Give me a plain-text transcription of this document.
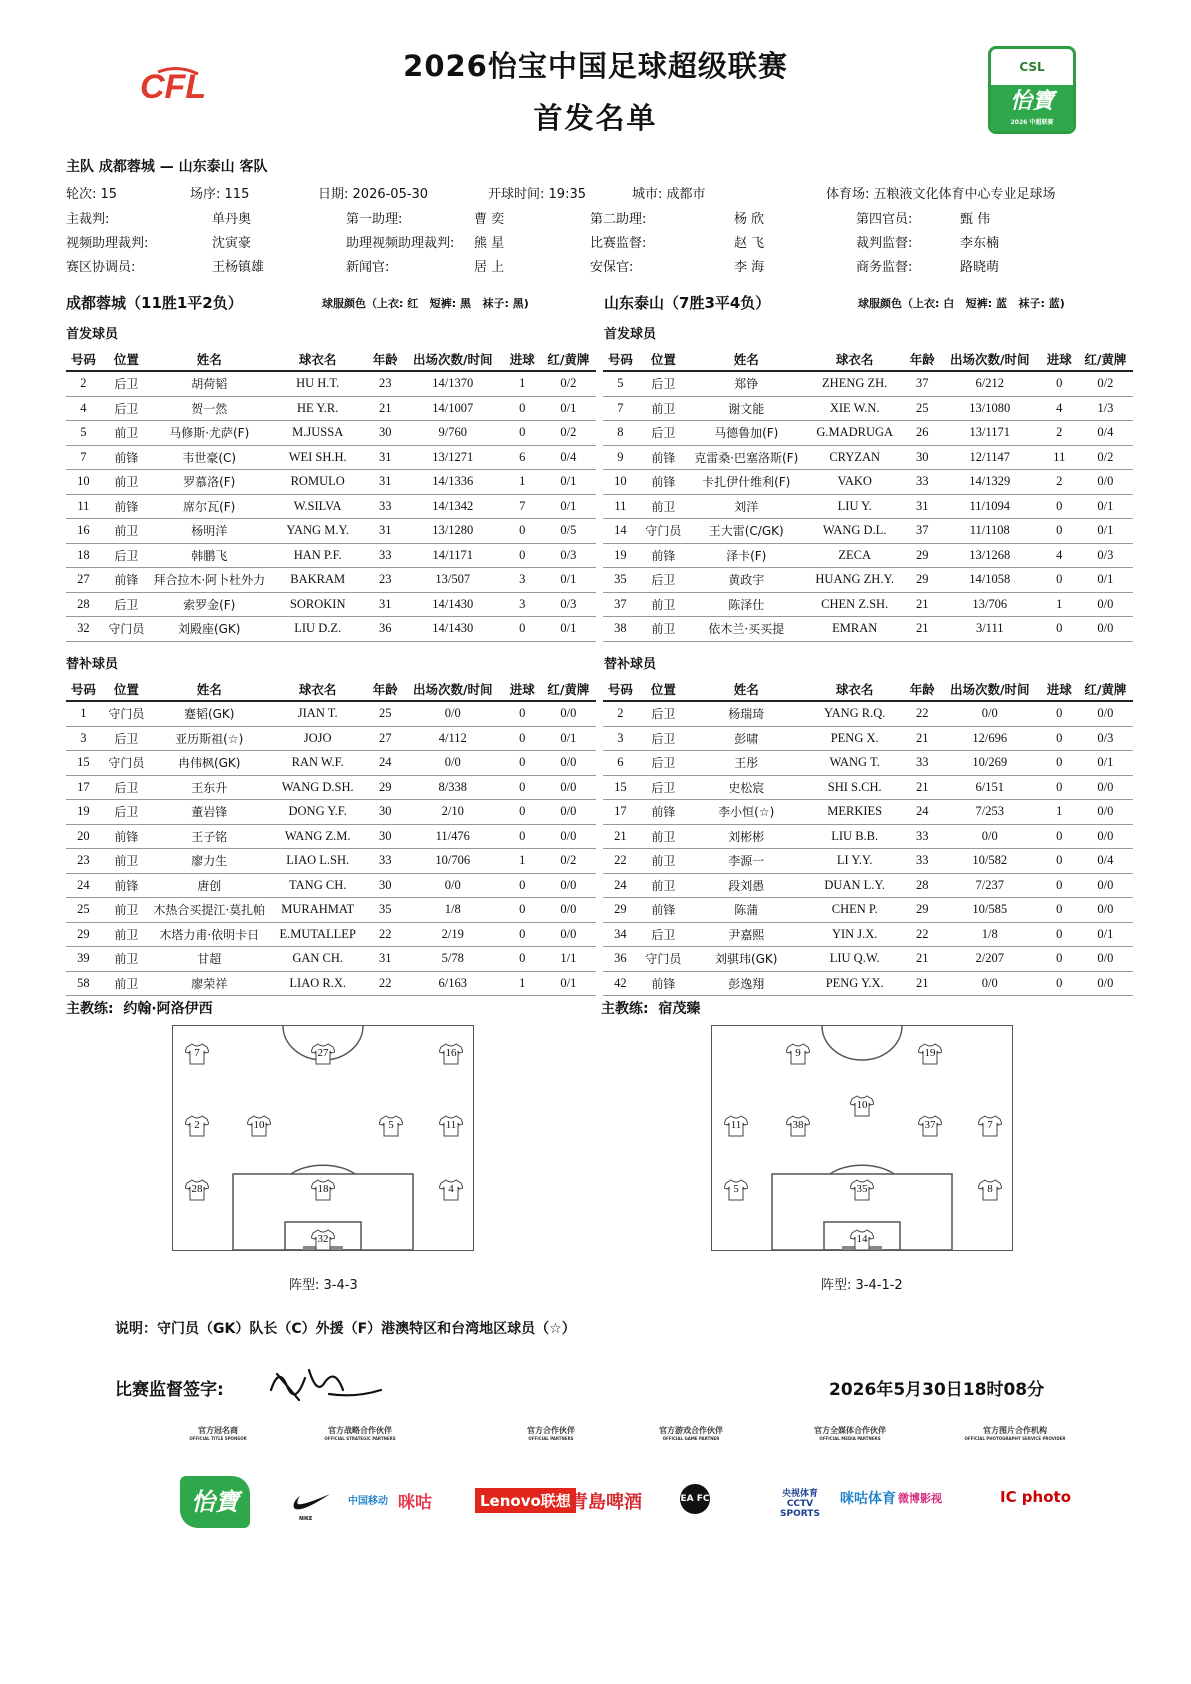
CFL
2026怡宝中国足球超级联赛
首发名单
CSL
怡寶
2026 中超联赛
主队 成都蓉城 — 山东泰山 客队
轮次: 15	场序: 115	日期: 2026-05-30	开球时间: 19:35	城市: 成都市	体育场: 五粮液文化体育中心专业足球场
主裁判:	单丹奥	第一助理:	曹 奕	第二助理:	杨 欣	第四官员:	甄 伟
视频助理裁判:	沈寅豪	助理视频助理裁判: 熊 星	比赛监督:	赵 飞	裁判监督:	李东楠
赛区协调员:	王杨镇雄	新闻官:	居 上	安保官:	李 海	商务监督:	路晓萌
成都蓉城（11胜1平2负）	球服颜色（上衣: 红 短裤: 黑 袜子: 黑)	山东泰山（7胜3平4负）	球服颜色（上衣: 白 短裤: 蓝 袜子: 蓝)
首发球员	首发球员
替补球员	替补球员
号码	位置	姓名	球衣名	年龄	出场次数/时间	进球	红/黄牌
2	后卫	胡荷韬	HU H.T.	23	14/1370	1	0/2
4	后卫	贺一然	HE Y.R.	21	14/1007	0	0/1
5	前卫	马修斯·尤萨(F)	M.JUSSA	30	9/760	0	0/2
7	前锋	韦世豪(C)	WEI SH.H.	31	13/1271	6	0/4
10	前卫	罗慕洛(F)	ROMULO	31	14/1336	1	0/1
11	前锋	席尔瓦(F)	W.SILVA	33	14/1342	7	0/1
16	前卫	杨明洋	YANG M.Y.	31	13/1280	0	0/5
18	后卫	韩鹏飞	HAN P.F.	33	14/1171	0	0/3
27	前锋	拜合拉木·阿卜杜外力	BAKRAM	23	13/507	3	0/1
28	后卫	索罗金(F)	SOROKIN	31	14/1430	3	0/3
32	守门员	刘殿座(GK)	LIU D.Z.	36	14/1430	0	0/1
号码	位置	姓名	球衣名	年龄	出场次数/时间	进球	红/黄牌
5	后卫	郑铮	ZHENG ZH.	37	6/212	0	0/2
7	前卫	谢文能	XIE W.N.	25	13/1080	4	1/3
8	后卫	马德鲁加(F)	G.MADRUGA	26	13/1171	2	0/4
9	前锋	克雷桑·巴塞洛斯(F)	CRYZAN	30	12/1147	11	0/2
10	前锋	卡扎伊什维利(F)	VAKO	33	14/1329	2	0/0
11	前卫	刘洋	LIU Y.	31	11/1094	0	0/1
14	守门员	王大雷(C/GK)	WANG D.L.	37	11/1108	0	0/1
19	前锋	泽卡(F)	ZECA	29	13/1268	4	0/3
35	后卫	黄政宇	HUANG ZH.Y.	29	14/1058	0	0/1
37	前卫	陈泽仕	CHEN Z.SH.	21	13/706	1	0/0
38	前卫	依木兰·买买提	EMRAN	21	3/111	0	0/0
号码	位置	姓名	球衣名	年龄	出场次数/时间	进球	红/黄牌
1	守门员	蹇韬(GK)	JIAN T.	25	0/0	0	0/0
3	后卫	亚历斯祖(☆)	JOJO	27	4/112	0	0/1
15	守门员	冉伟枫(GK)	RAN W.F.	24	0/0	0	0/0
17	后卫	王东升	WANG D.SH.	29	8/338	0	0/0
19	后卫	董岩锋	DONG Y.F.	30	2/10	0	0/0
20	前锋	王子铭	WANG Z.M.	30	11/476	0	0/0
23	前卫	廖力生	LIAO L.SH.	33	10/706	1	0/2
24	前锋	唐创	TANG CH.	30	0/0	0	0/0
25	前卫	木热合买提江·莫扎帕	MURAHMAT	35	1/8	0	0/0
29	前卫	木塔力甫·依明卡日	E.MUTALLEP	22	2/19	0	0/0
39	前卫	甘超	GAN CH.	31	5/78	0	1/1
58	前卫	廖荣祥	LIAO R.X.	22	6/163	1	0/1
号码	位置	姓名	球衣名	年龄	出场次数/时间	进球	红/黄牌
2	后卫	杨瑞琦	YANG R.Q.	22	0/0	0	0/0
3	后卫	彭啸	PENG X.	21	12/696	0	0/3
6	后卫	王彤	WANG T.	33	10/269	0	0/1
15	后卫	史松宸	SHI S.CH.	21	6/151	0	0/0
17	前锋	李小恒(☆)	MERKIES	24	7/253	1	0/0
21	前卫	刘彬彬	LIU B.B.	33	0/0	0	0/0
22	前卫	李源一	LI Y.Y.	33	10/582	0	0/4
24	前卫	段刘愚	DUAN L.Y.	28	7/237	0	0/0
29	前锋	陈蒲	CHEN P.	29	10/585	0	0/0
34	后卫	尹嘉熙	YIN J.X.	22	1/8	0	0/1
36	守门员	刘骐玮(GK)	LIU Q.W.	21	2/207	0	0/0
42	前锋	彭逸翔	PENG Y.X.	21	0/0	0	0/0
主教练: 约翰·阿洛伊西	主教练: 宿茂臻
7	27	16
2	10	5	11
28	18	4
32
9	19
10
11	38	37	7
5	35	8
14
阵型: 3-4-3	阵型: 3-4-1-2
说明：守门员（GK）队长（C）外援（F）港澳特区和台湾地区球员（☆）
比赛监督签字:	2026年5月30日18时08分
官方冠名商
OFFICIAL TITLE SPONSOR
官方战略合作伙伴
OFFICIAL STRATEGIC PARTNERS
官方合作伙伴
OFFICIAL PARTNERS
官方游戏合作伙伴
OFFICIAL GAME PARTNER
官方全媒体合作伙伴
OFFICIAL MEDIA PARTNERS
官方图片合作机构
OFFICIAL PHOTOGRAPHY SERVICE PROVIDER
怡寶
NIKE
中国移动 咪咕	Lenovo联想 青島啤酒	EA FC	央视体育 CCTV SPORTS
咪咕体育 微博影视	IC photo
